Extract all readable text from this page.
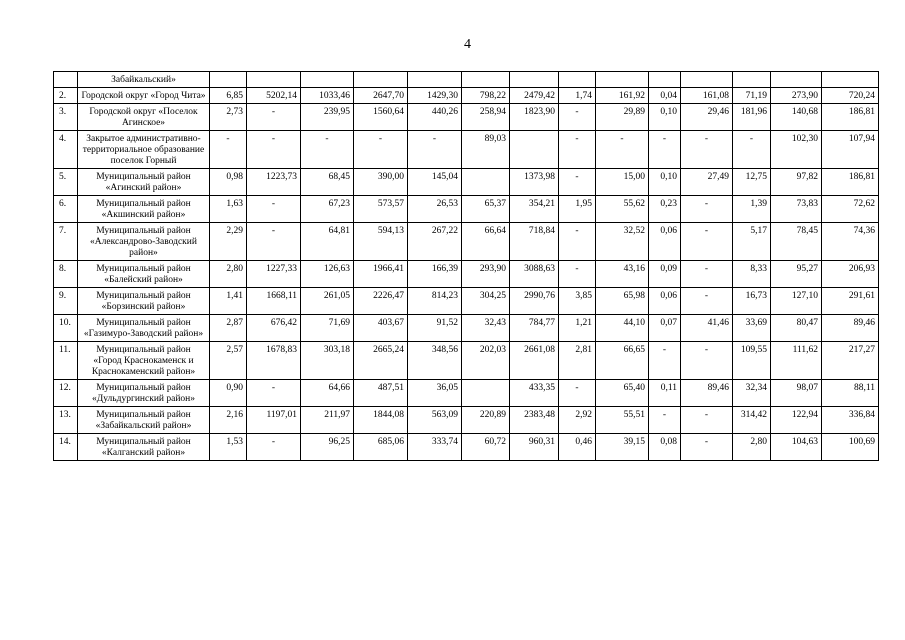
4
	Забайкальский»														
2.	Городской округ «Город Чита»	6,85	5202,14	1033,46	2647,70	1429,30	798,22	2479,42	1,74	161,92	0,04	161,08	71,19	273,90	720,24
3.	Городской округ «Поселок Агинское»	2,73	-	239,95	1560,64	440,26	258,94	1823,90	-	29,89	0,10	29,46	181,96	140,68	186,81
4.	Закрытое административно-территориальное образование поселок Горный	-	-	-	-	-	89,03		-	-	-	-	-	102,30	107,94
5.	Муниципальный район «Агинский район»	0,98	1223,73	68,45	390,00	145,04		1373,98	-	15,00	0,10	27,49	12,75	97,82	186,81
6.	Муниципальный район «Акшинский район»	1,63	-	67,23	573,57	26,53	65,37	354,21	1,95	55,62	0,23	-	1,39	73,83	72,62
7.	Муниципальный район «Александрово-Заводский район»	2,29	-	64,81	594,13	267,22	66,64	718,84	-	32,52	0,06	-	5,17	78,45	74,36
8.	Муниципальный район «Балейский район»	2,80	1227,33	126,63	1966,41	166,39	293,90	3088,63	-	43,16	0,09	-	8,33	95,27	206,93
9.	Муниципальный район «Борзинский район»	1,41	1668,11	261,05	2226,47	814,23	304,25	2990,76	3,85	65,98	0,06	-	16,73	127,10	291,61
10.	Муниципальный район «Газимуро-Заводский район»	2,87	676,42	71,69	403,67	91,52	32,43	784,77	1,21	44,10	0,07	41,46	33,69	80,47	89,46
11.	Муниципальный район «Город Краснокаменск и Краснокаменский район»	2,57	1678,83	303,18	2665,24	348,56	202,03	2661,08	2,81	66,65	-	-	109,55	111,62	217,27
12.	Муниципальный район «Дульдургинский район»	0,90	-	64,66	487,51	36,05		433,35	-	65,40	0,11	89,46	32,34	98,07	88,11
13.	Муниципальный район «Забайкальский район»	2,16	1197,01	211,97	1844,08	563,09	220,89	2383,48	2,92	55,51	-	-	314,42	122,94	336,84
14.	Муниципальный район «Калганский район»	1,53	-	96,25	685,06	333,74	60,72	960,31	0,46	39,15	0,08	-	2,80	104,63	100,69
